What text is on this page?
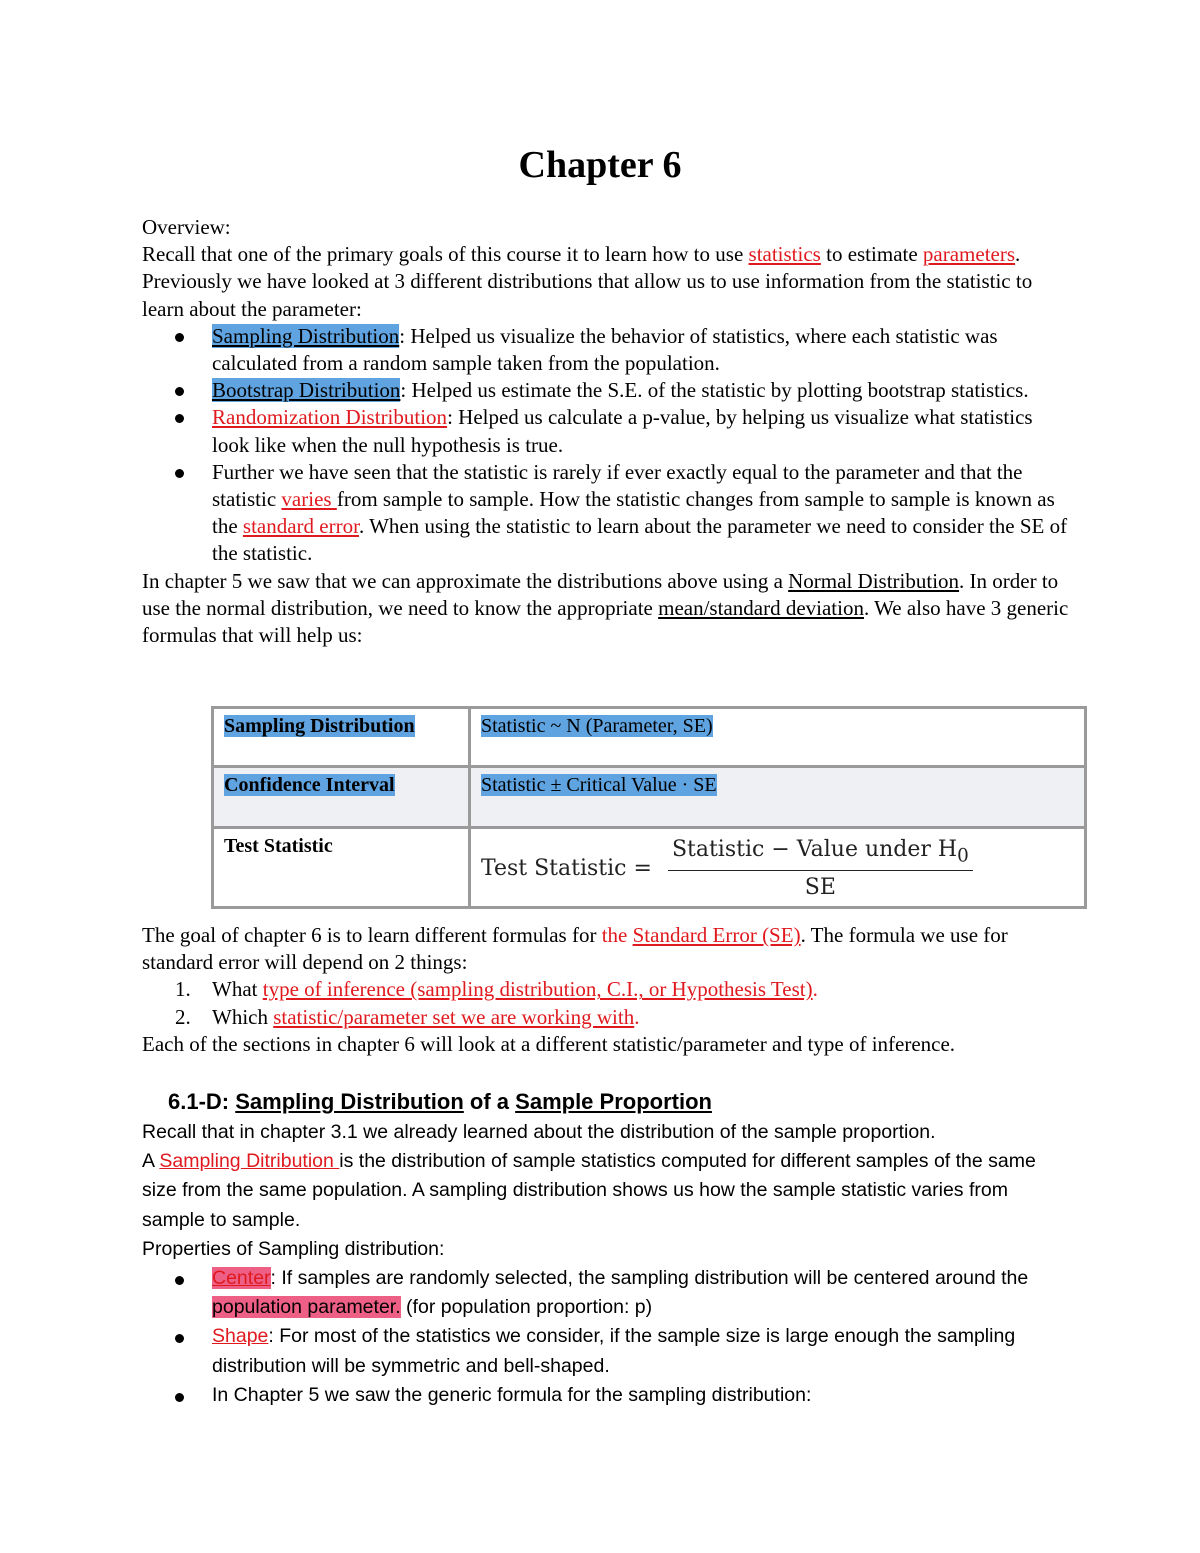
Chapter 6

Overview:

Recall that one of the primary goals of this course it to learn how to use statistics to estimate parameters.

Previously we have looked at 3 different distributions that allow us to use information from the statistic to learn about the parameter:

Sampling Distribution: Helped us visualize the behavior of statistics, where each statistic was calculated from a random sample taken from the population.
Bootstrap Distribution: Helped us estimate the S.E. of the statistic by plotting bootstrap statistics.
Randomization Distribution: Helped us calculate a p-value, by helping us visualize what statistics look like when the null hypothesis is true.
Further we have seen that the statistic is rarely if ever exactly equal to the parameter and that the statistic varies from sample to sample. How the statistic changes from sample to sample is known as the standard error. When using the statistic to learn about the parameter we need to consider the SE of the statistic.

In chapter 5 we saw that we can approximate the distributions above using a Normal Distribution. In order to use the normal distribution, we need to know the appropriate mean/standard deviation. We also have 3 generic formulas that will help us:

Sampling Distribution	Statistic ~ N (Parameter, SE)
Confidence Interval	Statistic ± Critical Value · SE
Test Statistic	Test Statistic = $\frac{Statistic - Value under H_0}{SE}$

The goal of chapter 6 is to learn different formulas for the Standard Error (SE). The formula we use for standard error will depend on 2 things:

1. What type of inference (sampling distribution, C.I., or Hypothesis Test).
2. Which statistic/parameter set we are working with.

Each of the sections in chapter 6 will look at a different statistic/parameter and type of inference.

6.1-D: Sampling Distribution of a Sample Proportion

Recall that in chapter 3.1 we already learned about the distribution of the sample proportion.

A Sampling Ditribution is the distribution of sample statistics computed for different samples of the same size from the same population. A sampling distribution shows us how the sample statistic varies from sample to sample.

Properties of Sampling distribution:

Center: If samples are randomly selected, the sampling distribution will be centered around the population parameter. (for population proportion: p)
Shape: For most of the statistics we consider, if the sample size is large enough the sampling distribution will be symmetric and bell-shaped.
In Chapter 5 we saw the generic formula for the sampling distribution:
